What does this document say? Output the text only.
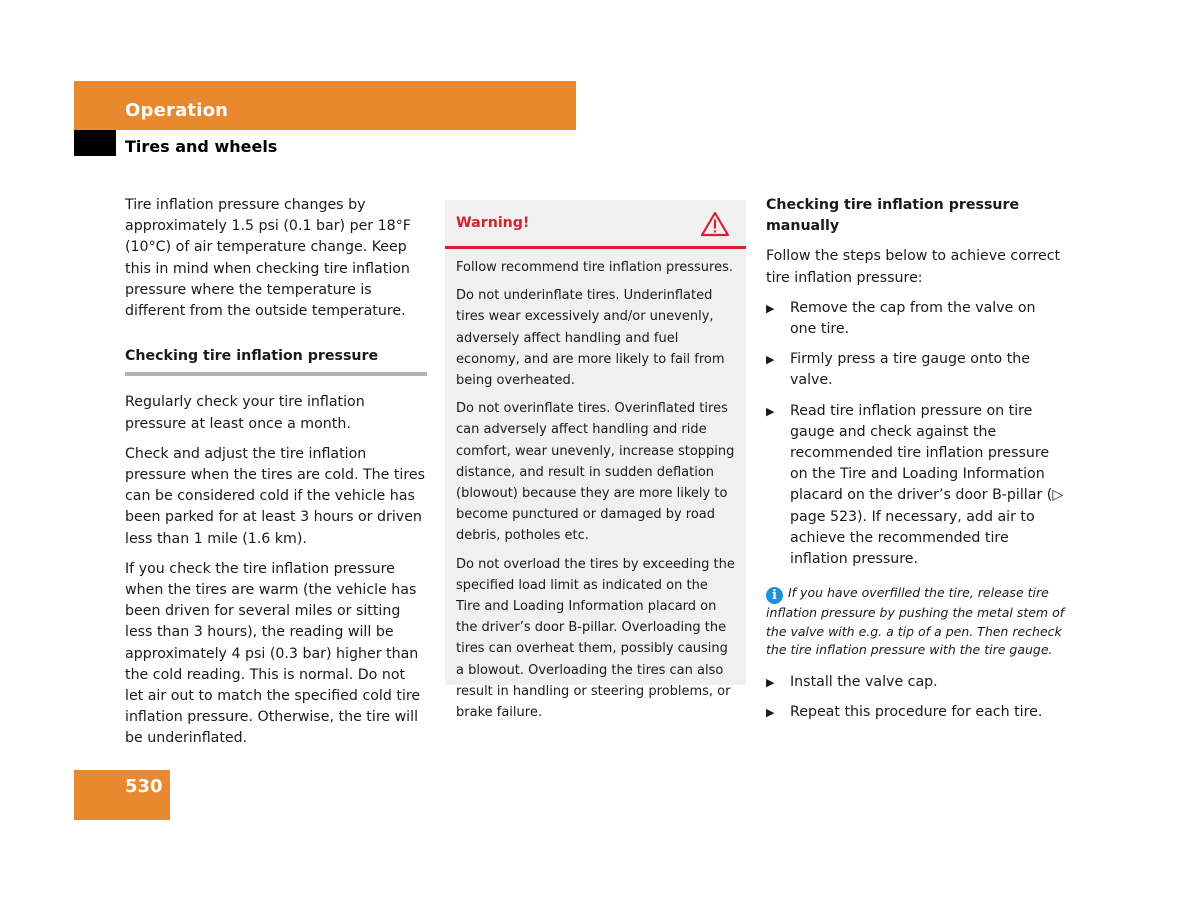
Operation
Tires and wheels

Tire inflation pressure changes by approximately 1.5 psi (0.1 bar) per 18°F (10°C) of air temperature change. Keep this in mind when checking tire inflation pressure where the temperature is different from the outside temperature.

Checking tire inflation pressure

Regularly check your tire inflation pressure at least once a month.

Check and adjust the tire inflation pressure when the tires are cold. The tires can be considered cold if the vehicle has been parked for at least 3 hours or driven less than 1 mile (1.6 km).

If you check the tire inflation pressure when the tires are warm (the vehicle has been driven for several miles or sitting less than 3 hours), the reading will be approximately 4 psi (0.3 bar) higher than the cold reading. This is normal. Do not let air out to match the specified cold tire inflation pressure. Otherwise, the tire will be underinflated.

Warning!

Follow recommend tire inflation pressures.

Do not underinflate tires. Underinflated tires wear excessively and/or unevenly, adversely affect handling and fuel economy, and are more likely to fail from being overheated.

Do not overinflate tires. Overinflated tires can adversely affect handling and ride comfort, wear unevenly, increase stopping distance, and result in sudden deflation (blowout) because they are more likely to become punctured or damaged by road debris, potholes etc.

Do not overload the tires by exceeding the specified load limit as indicated on the Tire and Loading Information placard on the driver’s door B-pillar. Overloading the tires can overheat them, possibly causing a blowout. Overloading the tires can also result in handling or steering problems, or brake failure.

Checking tire inflation pressure manually

Follow the steps below to achieve correct tire inflation pressure:

▶ Remove the cap from the valve on one tire.
▶ Firmly press a tire gauge onto the valve.
▶ Read tire inflation pressure on tire gauge and check against the recommended tire inflation pressure on the Tire and Loading Information placard on the driver’s door B-pillar (▷ page 523). If necessary, add air to achieve the recommended tire inflation pressure.
i If you have overfilled the tire, release tire inflation pressure by pushing the metal stem of the valve with e.g. a tip of a pen. Then recheck the tire inflation pressure with the tire gauge.
▶ Install the valve cap.
▶ Repeat this procedure for each tire.
530
